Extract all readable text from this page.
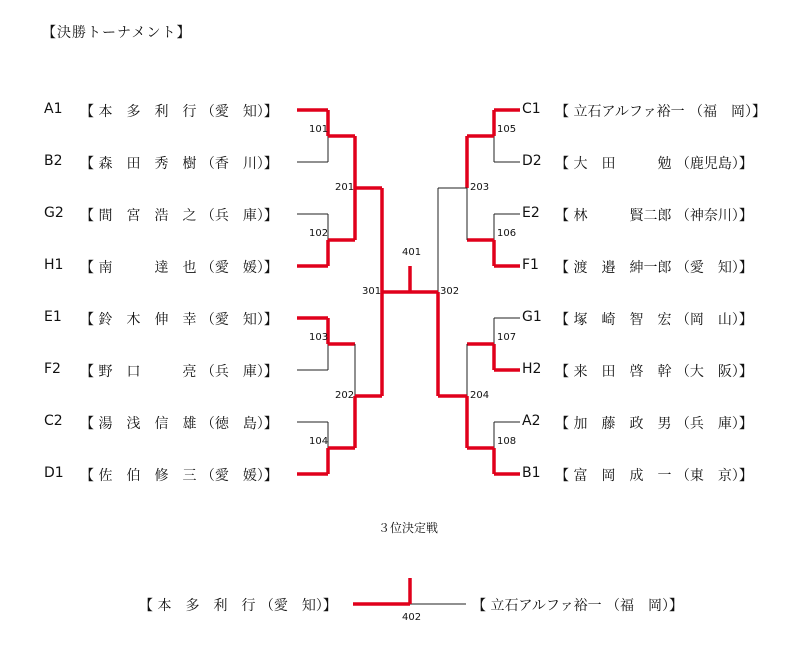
【決勝トーナメント】
３位決定戦
A1	【 本　多　利　行 （愛　知）】
B2	【 森　田　秀　樹 （香　川）】
G2	【 間　宮　浩　之 （兵　庫）】
H1	【 南　　　達　也 （愛　媛）】
E1	【 鈴　木　伸　幸 （愛　知）】
F2	【 野　口　　　亮 （兵　庫）】
C2	【 湯　浅　信　雄 （徳　島）】
D1	【 佐　伯　修　三 （愛　媛）】
C1	【 立石アルファ裕一 （福　岡）】
D2 【 大　田　　　勉 （鹿児島）】
E2	【 林　　　賢二郎 （神奈川）】
F1	【 渡　邉　紳一郎 （愛　知）】
G1 【 塚　崎　智　宏 （岡　山）】
H2 【 来　田　啓　幹 （大　阪）】
A2	【 加　藤　政　男 （兵　庫）】
B1	【 富　岡　成　一 （東　京）】
101
102
103
104
201
202
301
105
106
107
108
203
204
302
401
【 本　多　利　行 （愛　知）】	【 立石アルファ裕一 （福　岡）】
402
